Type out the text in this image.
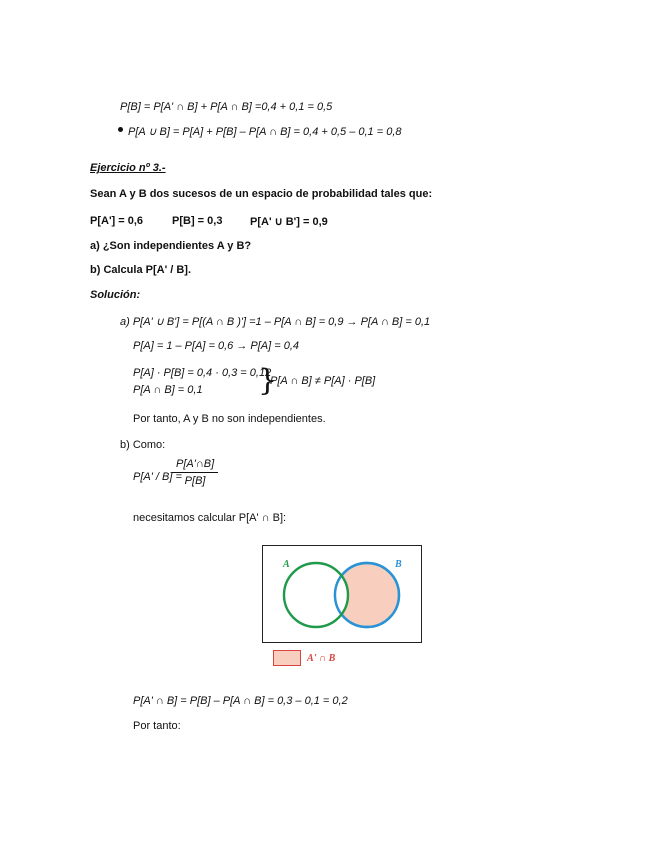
P[B] = P[A' ∩ B] + P[A ∩ B] =0,4 + 0,1 = 0,5
P[A ∪ B] = P[A] + P[B] – P[A ∩ B] = 0,4 + 0,5 – 0,1 = 0,8
Ejercicio nº 3.-
Sean A y B dos sucesos de un espacio de probabilidad tales que:
P[A'] = 0,6	P[B] = 0,3	P[A' ∪ B'] = 0,9
a) ¿Son independientes A y B?
b) Calcula P[A' / B].
Solución:
a) P[A' ∪ B'] = P[(A ∩ B )'] =1 – P[A ∩ B] = 0,9 → P[A ∩ B] = 0,1
P[A] = 1 – P[A] = 0,6 → P[A] = 0,4
P[A] · P[B] = 0,4 · 0,3 = 0,12
P[A ∩ B] = 0,1 }
P[A ∩ B] ≠ P[A] · P[B]
Por tanto, A y B no son independientes.
b) Como:
P[A' / B] =
$\frac{P[A'\cap B]}{P[B]}$
necesitamos calcular P[A' ∩ B]:
A	B
A' ∩ B
P[A' ∩ B] = P[B] – P[A ∩ B] = 0,3 – 0,1 = 0,2
Por tanto:
